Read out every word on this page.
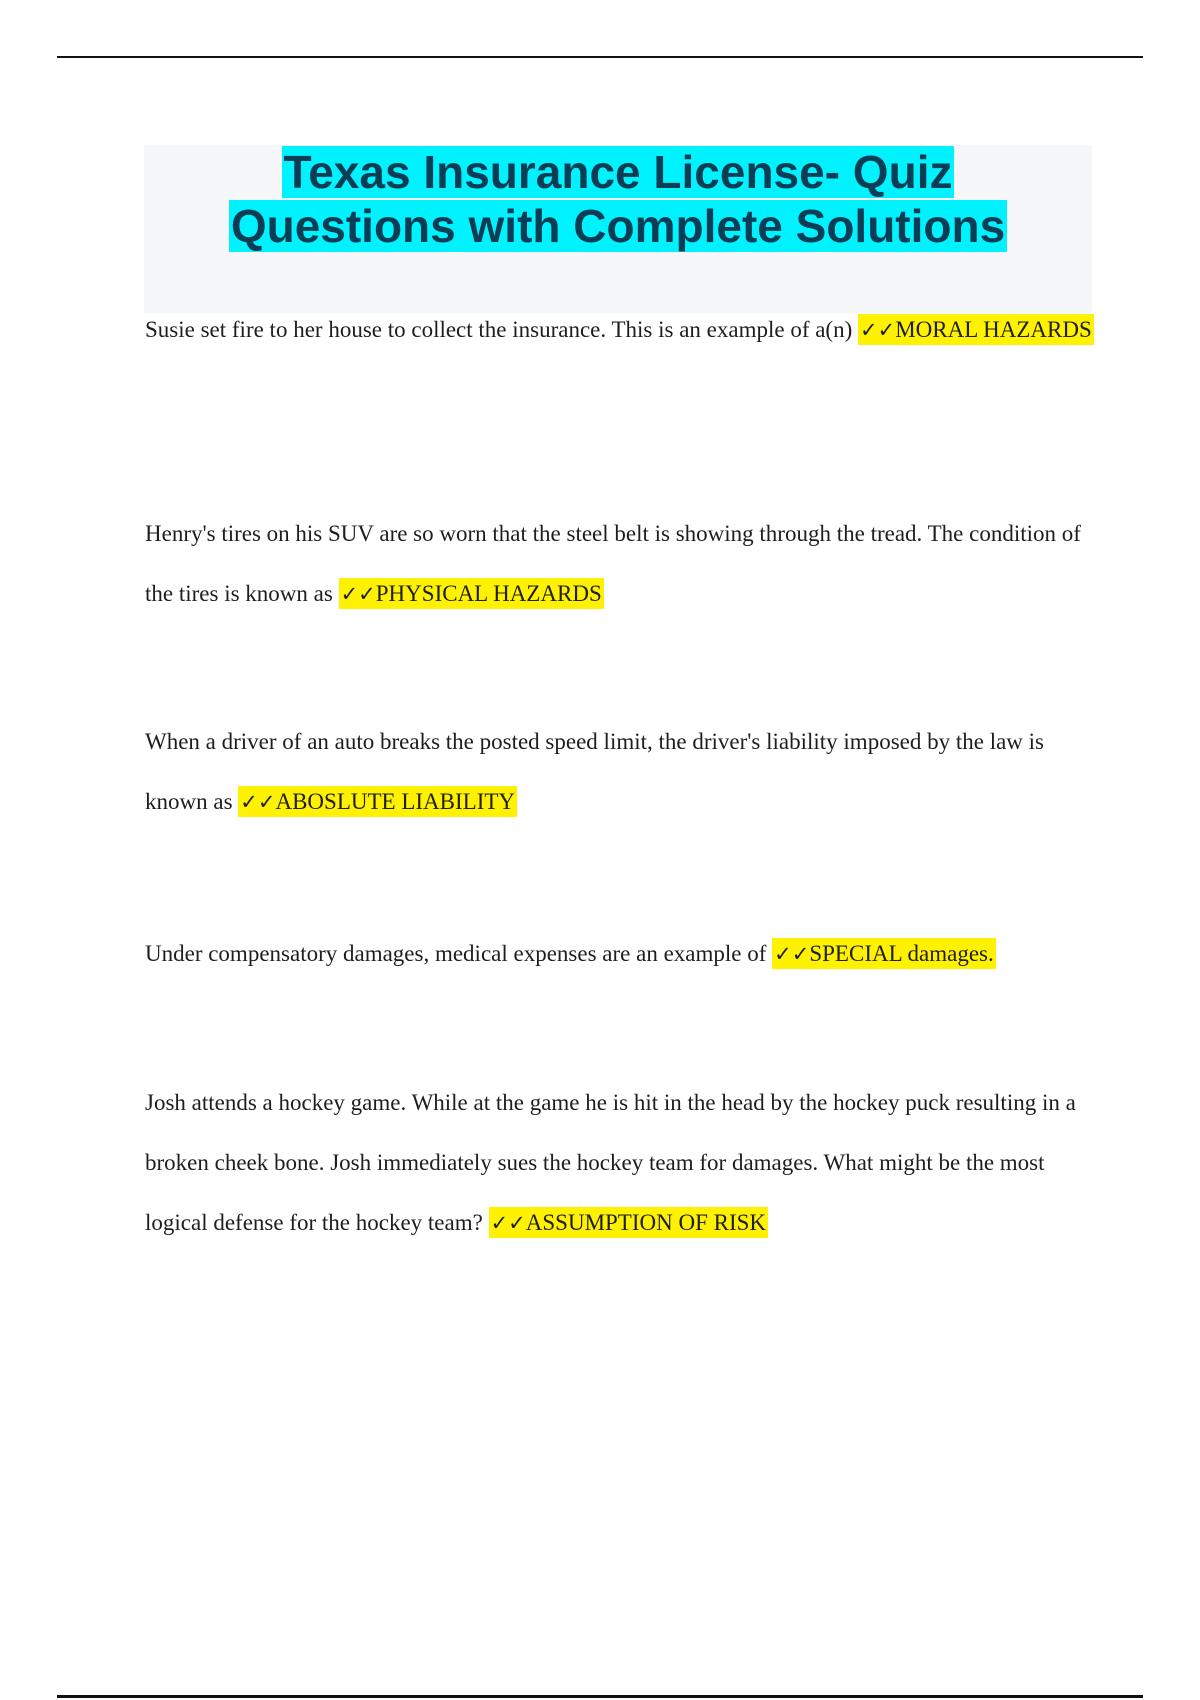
Texas Insurance License- Quiz
Questions with Complete Solutions

Susie set fire to her house to collect the insurance. This is an example of a(n) ✓✓MORAL HAZARDS

Henry's tires on his SUV are so worn that the steel belt is showing through the tread. The condition of the tires is known as ✓✓PHYSICAL HAZARDS

When a driver of an auto breaks the posted speed limit, the driver's liability imposed by the law is known as ✓✓ABOSLUTE LIABILITY

Under compensatory damages, medical expenses are an example of ✓✓SPECIAL damages.

Josh attends a hockey game. While at the game he is hit in the head by the hockey puck resulting in a broken cheek bone. Josh immediately sues the hockey team for damages. What might be the most logical defense for the hockey team? ✓✓ASSUMPTION OF RISK
